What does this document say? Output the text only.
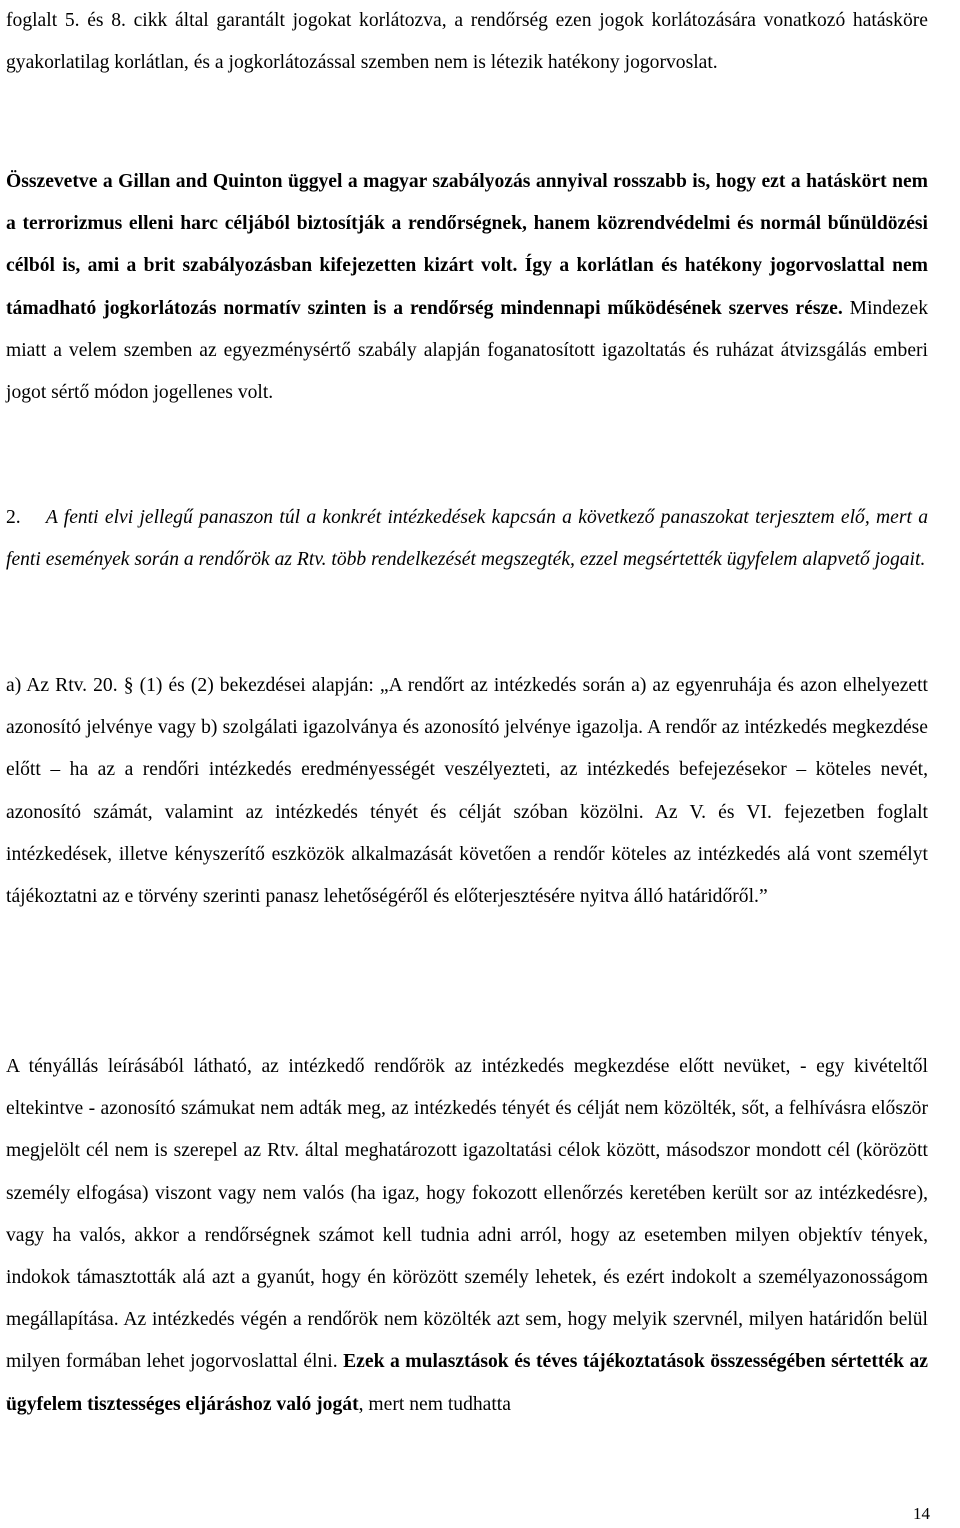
foglalt 5. és 8. cikk által garantált jogokat korlátozva, a rendőrség ezen jogok korlátozására vonatkozó hatásköre gyakorlatilag korlátlan, és a jogkorlátozással szemben nem is létezik hatékony jogorvoslat.

Összevetve a Gillan and Quinton üggyel a magyar szabályozás annyival rosszabb is, hogy ezt a hatáskört nem a terrorizmus elleni harc céljából biztosítják a rendőrségnek, hanem közrendvédelmi és normál bűnüldözési célból is, ami a brit szabályozásban kifejezetten kizárt volt. Így a korlátlan és hatékony jogorvoslattal nem támadható jogkorlátozás normatív szinten is a rendőrség mindennapi működésének szerves része. Mindezek miatt a velem szemben az egyezménysértő szabály alapján foganatosított igazoltatás és ruházat átvizsgálás emberi jogot sértő módon jogellenes volt.

2.    A fenti elvi jellegű panaszon túl a konkrét intézkedések kapcsán a következő panaszokat terjesztem elő, mert a fenti események során a rendőrök az Rtv. több rendelkezését megszegték, ezzel megsértették ügyfelem alapvető jogait.

a) Az Rtv. 20. § (1) és (2) bekezdései alapján: „A rendőrt az intézkedés során a) az egyenruhája és azon elhelyezett azonosító jelvénye vagy b) szolgálati igazolványa és azonosító jelvénye igazolja. A rendőr az intézkedés megkezdése előtt – ha az a rendőri intézkedés eredményességét veszélyezteti, az intézkedés befejezésekor – köteles nevét, azonosító számát, valamint az intézkedés tényét és célját szóban közölni. Az V. és VI. fejezetben foglalt intézkedések, illetve kényszerítő eszközök alkalmazását követően a rendőr köteles az intézkedés alá vont személyt tájékoztatni az e törvény szerinti panasz lehetőségéről és előterjesztésére nyitva álló határidőről.”

A tényállás leírásából látható, az intézkedő rendőrök az intézkedés megkezdése előtt nevüket, - egy kivételtől eltekintve - azonosító számukat nem adták meg, az intézkedés tényét és célját nem közölték, sőt, a felhívásra először megjelölt cél nem is szerepel az Rtv. által meghatározott igazoltatási célok között, másodszor mondott cél (körözött személy elfogása) viszont vagy nem valós (ha igaz, hogy fokozott ellenőrzés keretében került sor az intézkedésre), vagy ha valós, akkor a rendőrségnek számot kell tudnia adni arról, hogy az esetemben milyen objektív tények, indokok támasztották alá azt a gyanút, hogy én körözött személy lehetek, és ezért indokolt a személyazonosságom megállapítása. Az intézkedés végén a rendőrök nem közölték azt sem, hogy melyik szervnél, milyen határidőn belül milyen formában lehet jogorvoslattal élni. Ezek a mulasztások és téves tájékoztatások összességében sértették az ügyfelem tisztességes eljáráshoz való jogát, mert nem tudhatta

14
